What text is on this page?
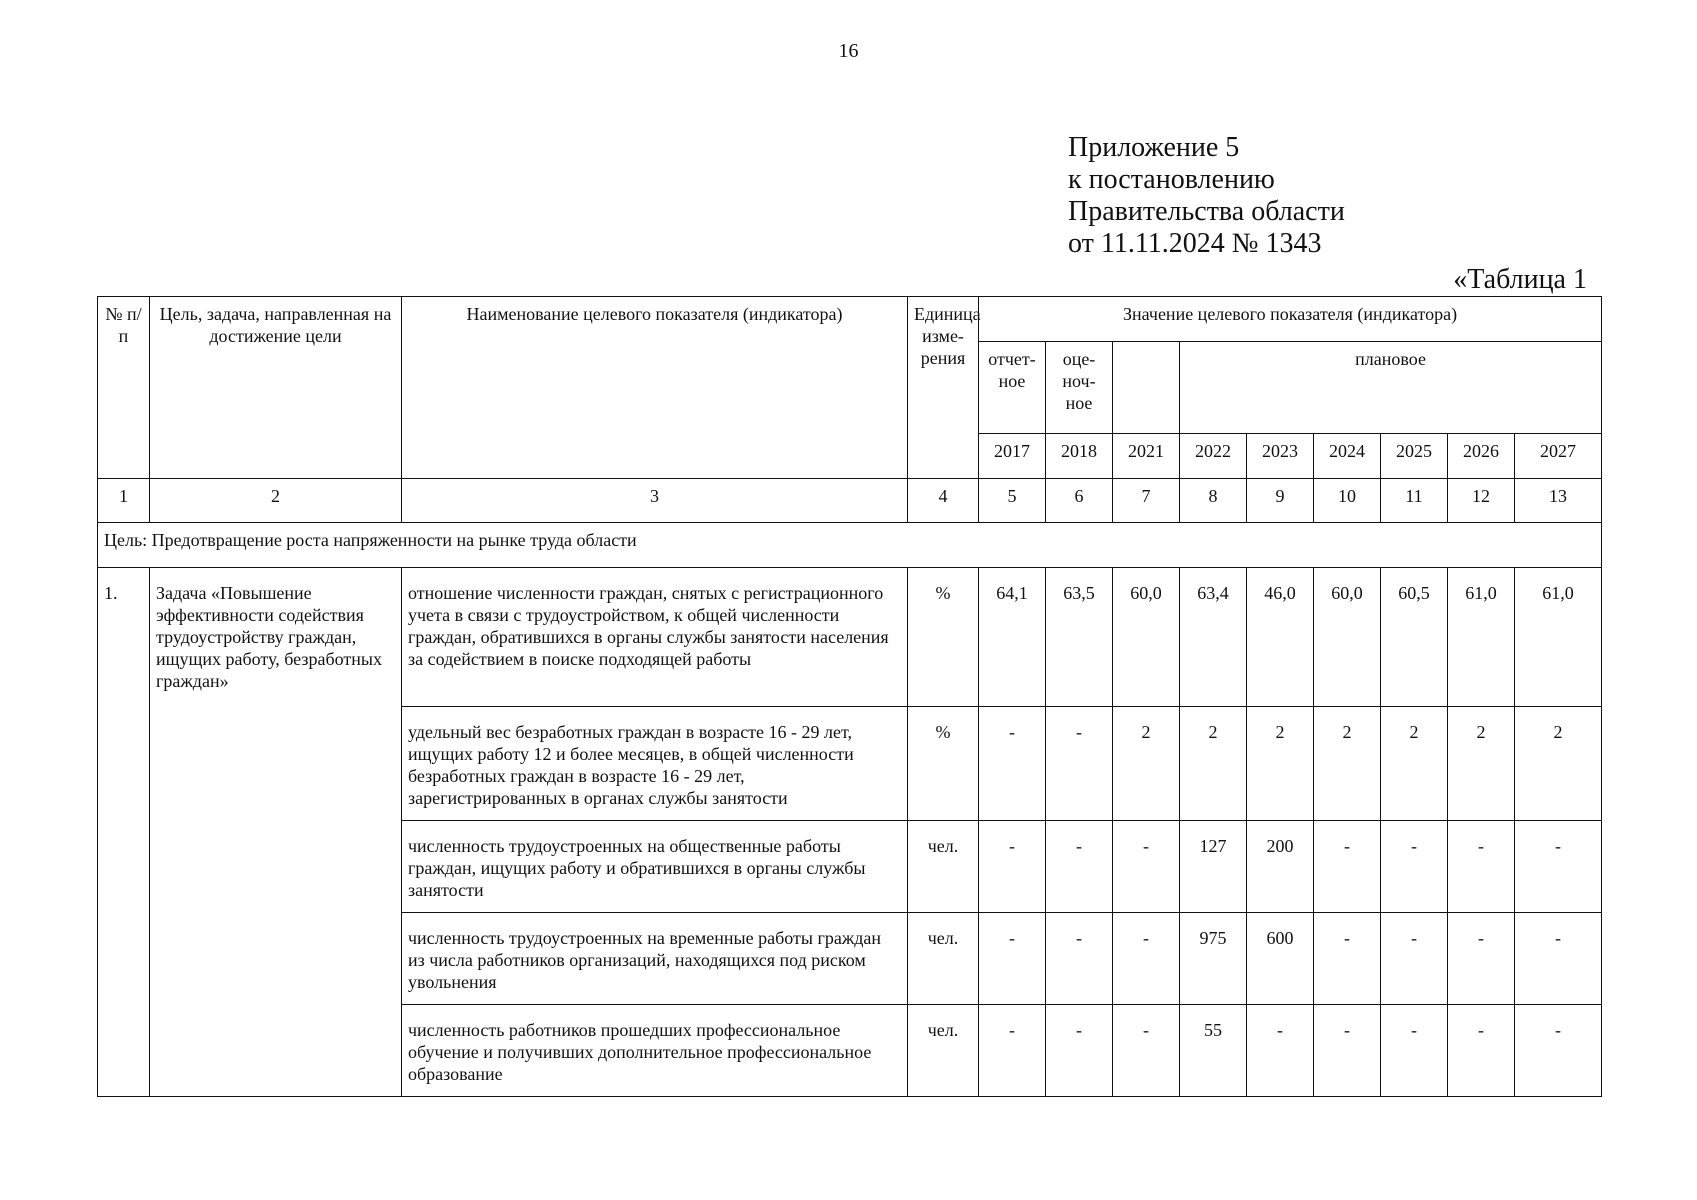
16
Приложение 5
к постановлению
Правительства области
от 11.11.2024 № 1343
«Таблица 1
№ п/п	Цель, задача, направленная на достижение цели	Наименование целевого показателя (индикатора)	Единица изме- рения	Значение целевого показателя (индикатора)								
				отчет- ное	оце- ноч- ное		плановое					
				2017	2018	2021	2022	2023	2024	2025	2026	2027
1	2	3	4	5	6	7	8	9	10	11	12	13
Цель: Предотвращение роста напряженности на рынке труда области												
1.	Задача «Повышение эффективности содействия трудоустройству граждан, ищущих работу, безработных граждан»	отношение численности граждан, снятых с регистрационного учета в связи с трудоустройством, к общей численности граждан, обратившихся в органы службы занятости населения за содействием в поиске подходящей работы	%	64,1	63,5	60,0	63,4	46,0	60,0	60,5	61,0	61,0
		удельный вес безработных граждан в возрасте 16 - 29 лет, ищущих работу 12 и более месяцев, в общей численности безработных граждан в возрасте 16 - 29 лет, зарегистрированных в органах службы занятости	%	-	-	2	2	2	2	2	2	2
		численность трудоустроенных на общественные работы граждан, ищущих работу и обратившихся в органы службы занятости	чел.	-	-	-	127	200	-	-	-	-
		численность трудоустроенных на временные работы граждан из числа работников организаций, находящихся под риском увольнения	чел.	-	-	-	975	600	-	-	-	-
		численность работников прошедших профессиональное обучение и получивших дополнительное профессиональное образование	чел.	-	-	-	55	-	-	-	-	-
